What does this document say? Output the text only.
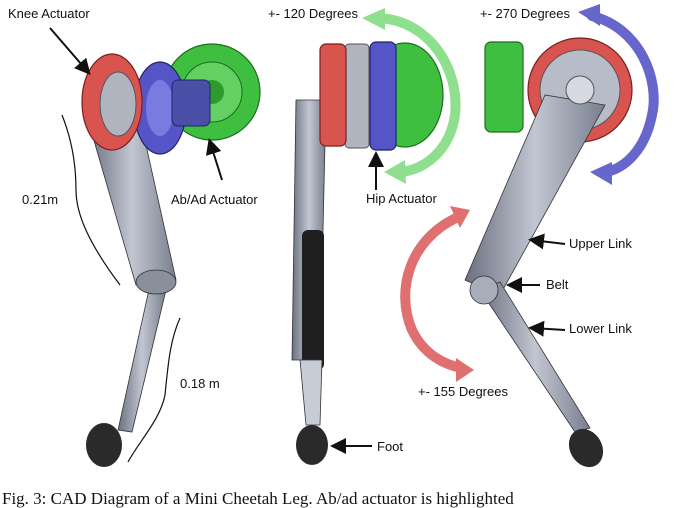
Knee Actuator
0.21m	Ab/Ad Actuator
0.18 m
+- 120 Degrees
Hip Actuator
Foot
+- 270 Degrees
Upper Link
Belt
Lower Link
+- 155 Degrees
Fig. 3: CAD Diagram of a Mini Cheetah Leg. Ab/ad actuator is highlighted
